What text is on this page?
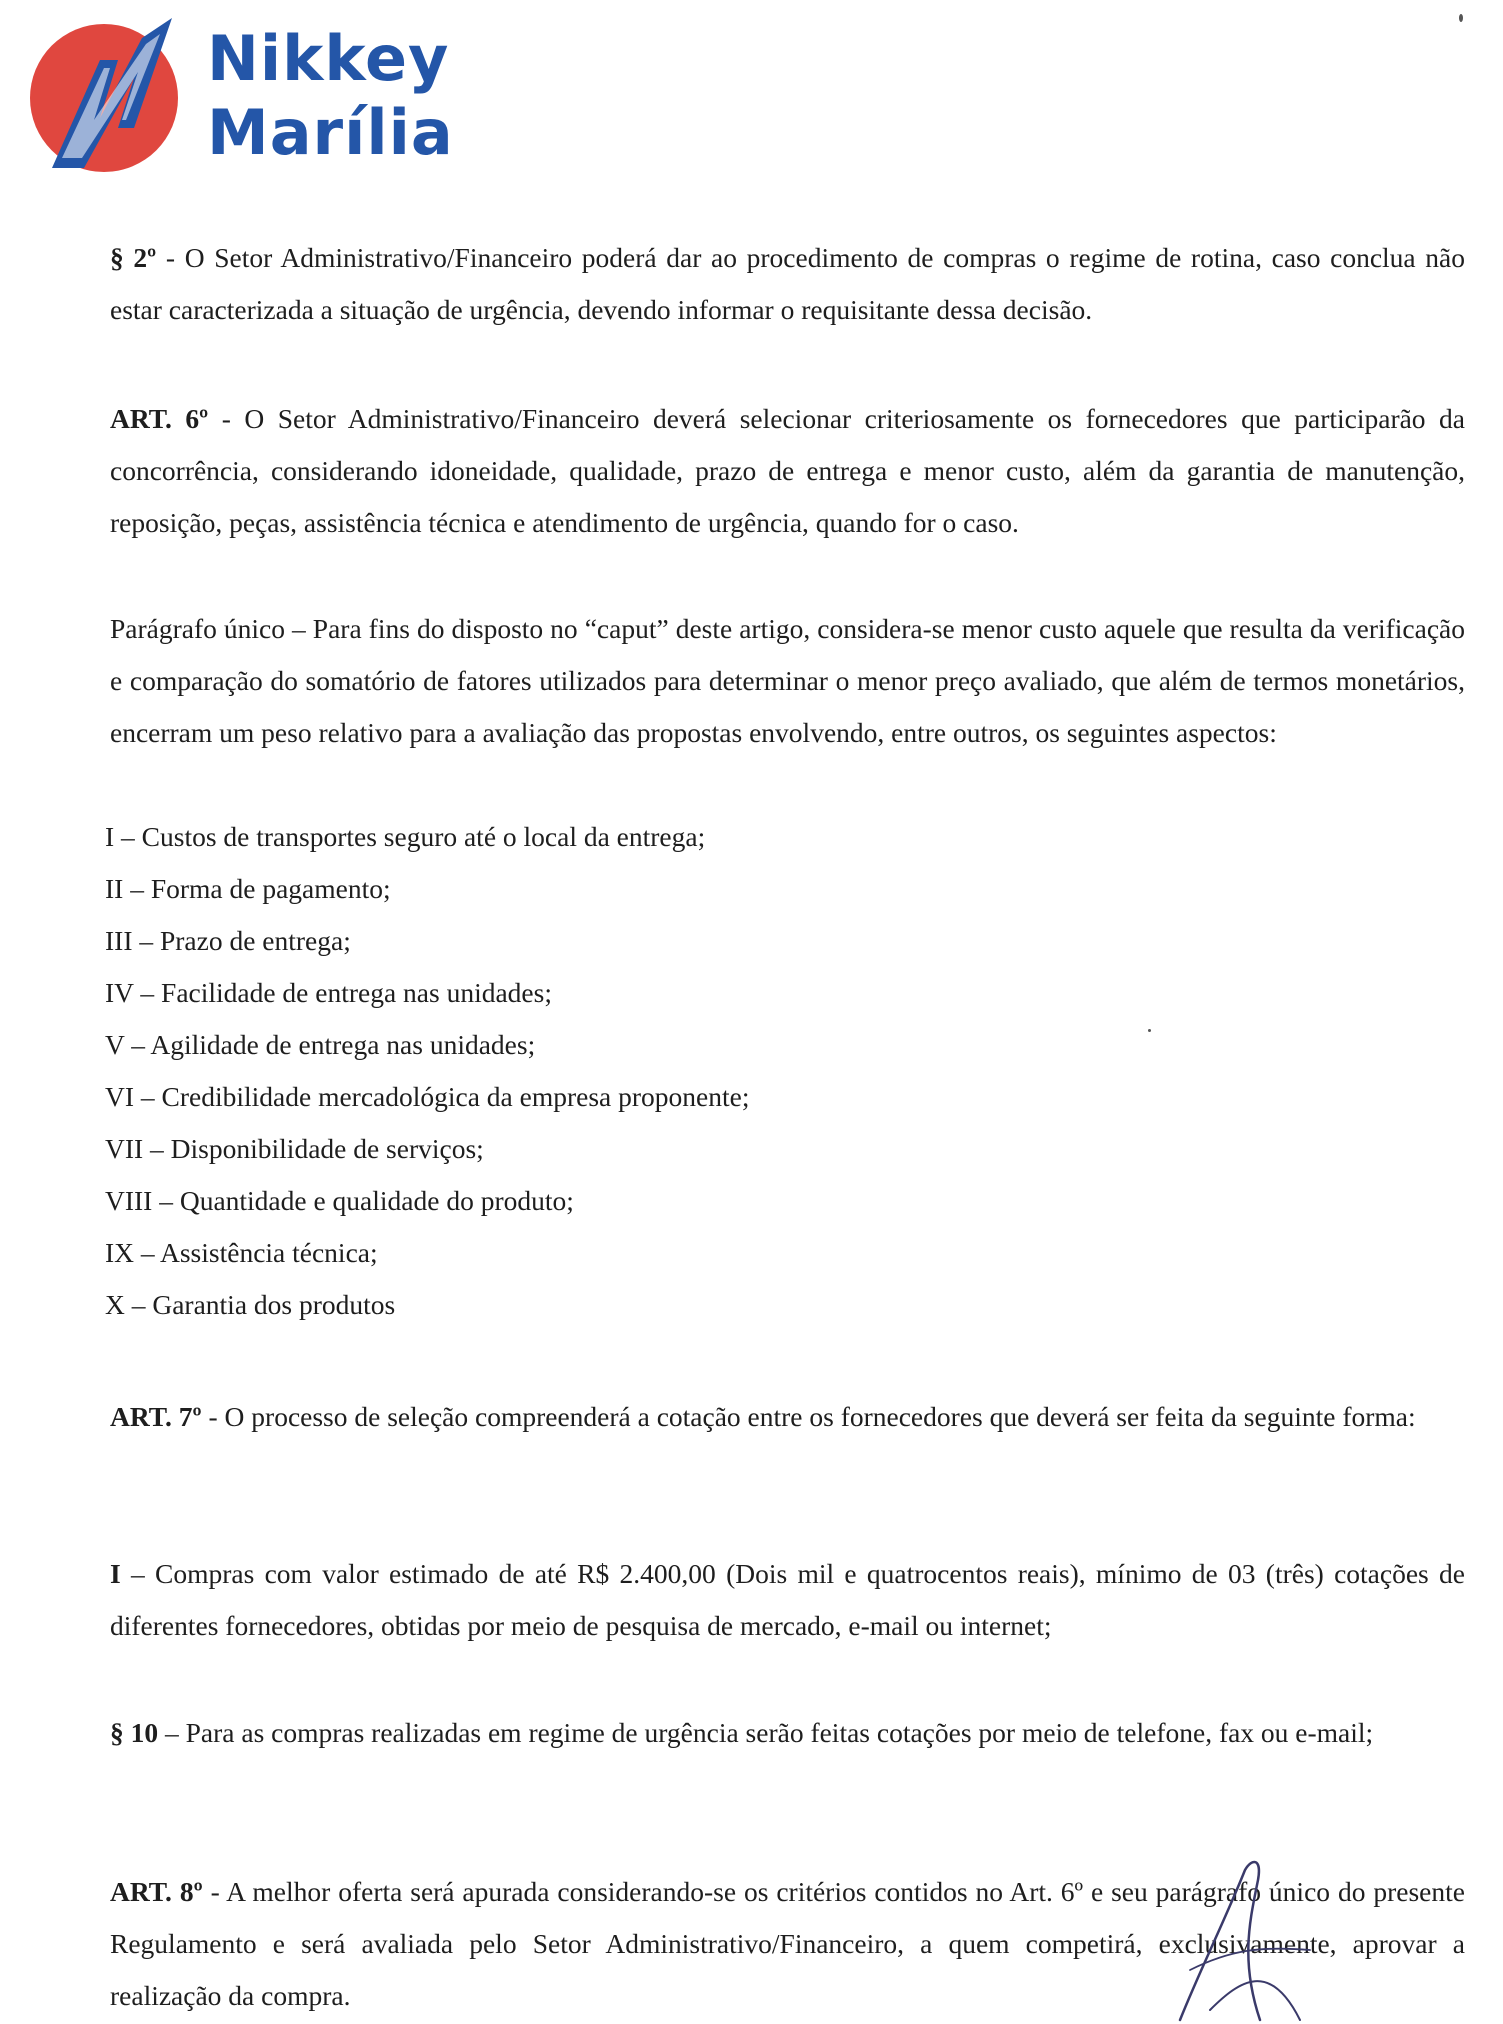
Nikkey
Marília

§ 2º - O Setor Administrativo/Financeiro poderá dar ao procedimento de compras o regime de rotina, caso conclua não estar caracterizada a situação de urgência, devendo informar o requisitante dessa decisão.

ART. 6º - O Setor Administrativo/Financeiro deverá selecionar criteriosamente os fornecedores que participarão da concorrência, considerando idoneidade, qualidade, prazo de entrega e menor custo, além da garantia de manutenção, reposição, peças, assistência técnica e atendimento de urgência, quando for o caso.

Parágrafo único – Para fins do disposto no “caput” deste artigo, considera-se menor custo aquele que resulta da verificação e comparação do somatório de fatores utilizados para determinar o menor preço avaliado, que além de termos monetários, encerram um peso relativo para a avaliação das propostas envolvendo, entre outros, os seguintes aspectos:

I – Custos de transportes seguro até o local da entrega;

II – Forma de pagamento;

III – Prazo de entrega;

IV – Facilidade de entrega nas unidades;

V – Agilidade de entrega nas unidades;

VI – Credibilidade mercadológica da empresa proponente;

VII – Disponibilidade de serviços;

VIII – Quantidade e qualidade do produto;

IX – Assistência técnica;

X – Garantia dos produtos

ART. 7º - O processo de seleção compreenderá a cotação entre os fornecedores que deverá ser feita da seguinte forma:

I – Compras com valor estimado de até R$ 2.400,00 (Dois mil e quatrocentos reais), mínimo de 03 (três) cotações de diferentes fornecedores, obtidas por meio de pesquisa de mercado, e-mail ou internet;

§ 10 – Para as compras realizadas em regime de urgência serão feitas cotações por meio de telefone, fax ou e-mail;

ART. 8º - A melhor oferta será apurada considerando-se os critérios contidos no Art. 6º e seu parágrafo único do presente Regulamento e será avaliada pelo Setor Administrativo/Financeiro, a quem competirá, exclusivamente, aprovar a realização da compra.
